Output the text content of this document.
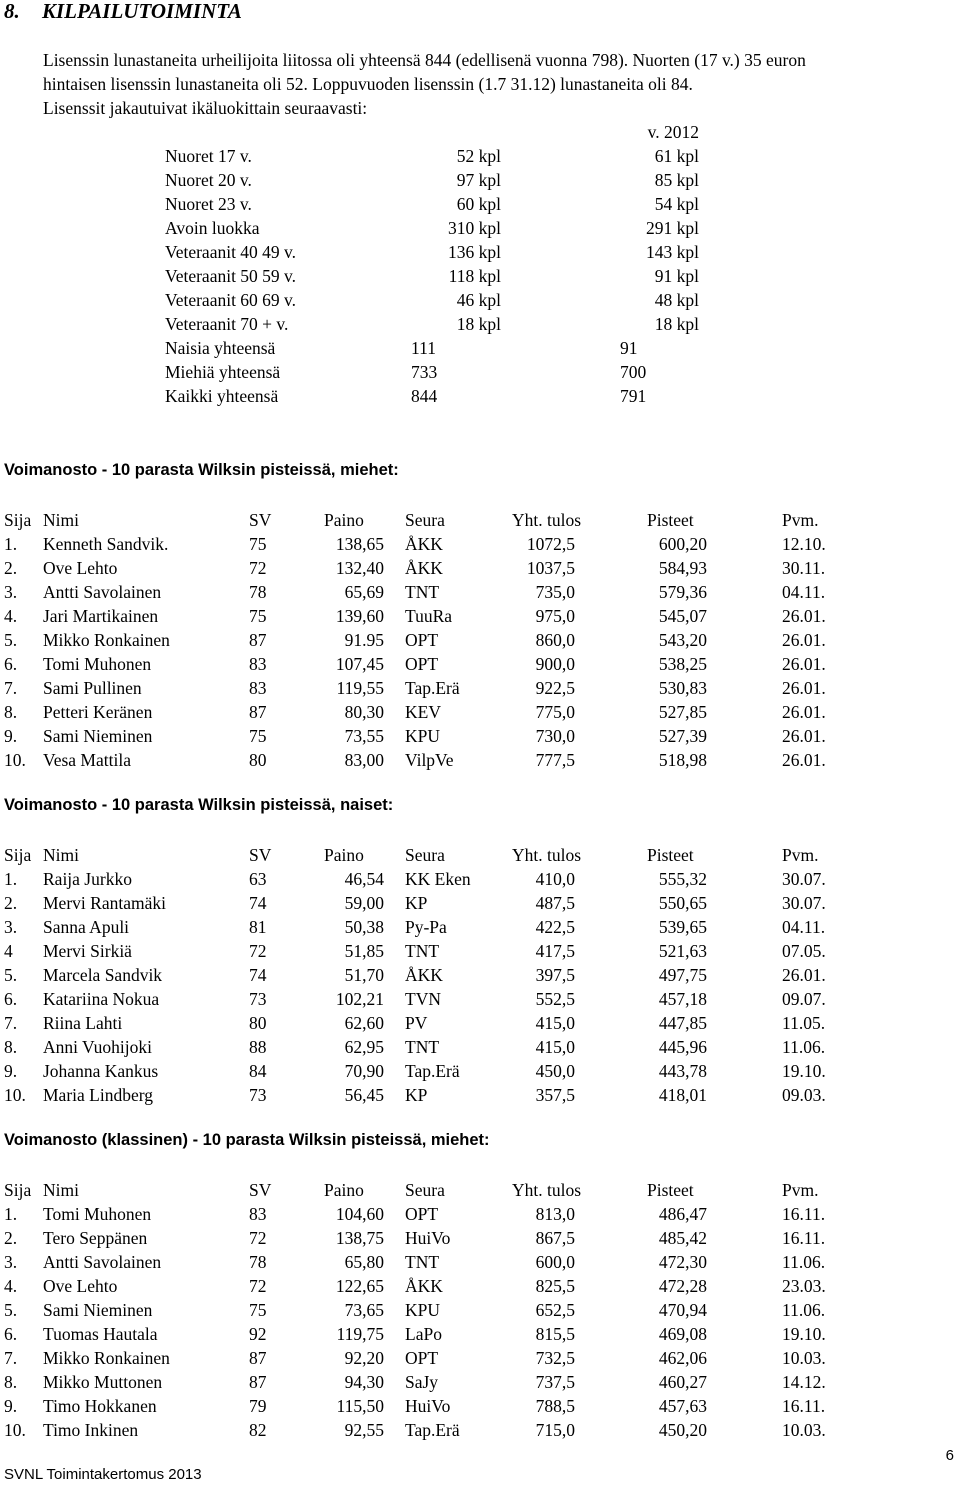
8. KILPAILUTOIMINTA

Lisenssin lunastaneita urheilijoita liitossa oli yhteensä 844 (edellisenä vuonna 798). Nuorten (17 v.) 35 euron

hintaisen lisenssin lunastaneita oli 52. Loppuvuoden lisenssin (1.7 31.12) lunastaneita oli 84.

Lisenssit jakautuivat ikäluokittain seuraavasti:

v. 2012
Nuoret 17 v.	52 kpl	61 kpl
Nuoret 20 v.	97 kpl	85 kpl
Nuoret 23 v.	60 kpl	54 kpl
Avoin luokka	310 kpl	291 kpl
Veteraanit 40 49 v.	136 kpl	143 kpl
Veteraanit 50 59 v.	118 kpl	91 kpl
Veteraanit 60 69 v.	46 kpl	48 kpl
Veteraanit 70 + v.	18 kpl	18 kpl
Naisia yhteensä	111	91
Miehiä yhteensä	733	700
Kaikki yhteensä	844	791
Voimanosto - 10 parasta Wilksin pisteissä, miehet:
Sija Nimi	SV	Paino Seura	Yht. tulos	Pisteet	Pvm.
1. Kenneth Sandvik.	75	138,65 ÅKK	1072,5	600,20	12.10.
2. Ove Lehto	72	132,40 ÅKK	1037,5	584,93	30.11.
3. Antti Savolainen	78	65,69 TNT	735,0	579,36	04.11.
4. Jari Martikainen	75	139,60 TuuRa	975,0	545,07	26.01.
5. Mikko Ronkainen	87	91.95 OPT	860,0	543,20	26.01.
6. Tomi Muhonen	83	107,45 OPT	900,0	538,25	26.01.
7. Sami Pullinen	83	119,55 Tap.Erä	922,5	530,83	26.01.
8. Petteri Keränen	87	80,30 KEV	775,0	527,85	26.01.
9. Sami Nieminen	75	73,55 KPU	730,0	527,39	26.01.
10. Vesa Mattila	80	83,00 VilpVe	777,5	518,98	26.01.
Voimanosto - 10 parasta Wilksin pisteissä, naiset:
Sija Nimi	SV	Paino Seura	Yht. tulos	Pisteet	Pvm.
1. Raija Jurkko	63	46,54 KK Eken	410,0	555,32	30.07.
2. Mervi Rantamäki	74	59,00 KP	487,5	550,65	30.07.
3. Sanna Apuli	81	50,38 Py-Pa	422,5	539,65	04.11.
4 Mervi Sirkiä	72	51,85 TNT	417,5	521,63	07.05.
5. Marcela Sandvik	74	51,70 ÅKK	397,5	497,75	26.01.
6. Katariina Nokua	73	102,21 TVN	552,5	457,18	09.07.
7. Riina Lahti	80	62,60 PV	415,0	447,85	11.05.
8. Anni Vuohijoki	88	62,95 TNT	415,0	445,96	11.06.
9. Johanna Kankus	84	70,90 Tap.Erä	450,0	443,78	19.10.
10. Maria Lindberg	73	56,45 KP	357,5	418,01	09.03.
Voimanosto (klassinen) - 10 parasta Wilksin pisteissä, miehet:
Sija Nimi	SV	Paino Seura	Yht. tulos	Pisteet	Pvm.
1. Tomi Muhonen	83	104,60 OPT	813,0	486,47	16.11.
2. Tero Seppänen	72	138,75 HuiVo	867,5	485,42	16.11.
3. Antti Savolainen	78	65,80 TNT	600,0	472,30	11.06.
4. Ove Lehto	72	122,65 ÅKK	825,5	472,28	23.03.
5. Sami Nieminen	75	73,65 KPU	652,5	470,94	11.06.
6. Tuomas Hautala	92	119,75 LaPo	815,5	469,08	19.10.
7. Mikko Ronkainen	87	92,20 OPT	732,5	462,06	10.03.
8. Mikko Muttonen	87	94,30 SaJy	737,5	460,27	14.12.
9. Timo Hokkanen	79	115,50 HuiVo	788,5	457,63	16.11.
10. Timo Inkinen	82	92,55 Tap.Erä	715,0	450,20	10.03.
SVNL Toimintakertomus 2013
6
